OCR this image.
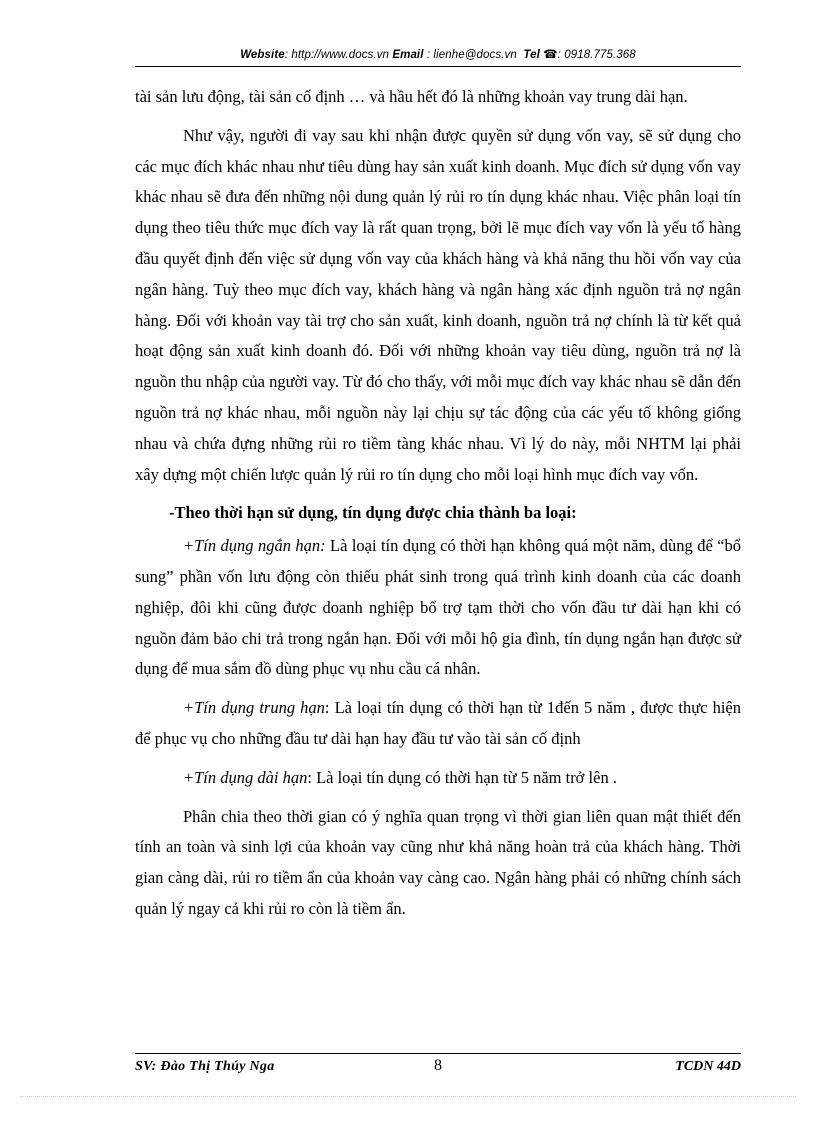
Website: http://www.docs.vn Email : lienhe@docs.vn Tel ☎: 0918.775.368

tài sản lưu động, tài sản cố định … và hầu hết đó là những khoản vay trung dài hạn.

Như vậy, người đi vay sau khi nhận được quyền sử dụng vốn vay, sẽ sử dụng cho các mục đích khác nhau như tiêu dùng hay sản xuất kinh doanh. Mục đích sử dụng vốn vay khác nhau sẽ đưa đến những nội dung quản lý rủi ro tín dụng khác nhau. Việc phân loại tín dụng theo tiêu thức mục đích vay là rất quan trọng, bởi lẽ mục đích vay vốn là yếu tố hàng đầu quyết định đến việc sử dụng vốn vay của khách hàng và khả năng thu hồi vốn vay của ngân hàng. Tuỳ theo mục đích vay, khách hàng và ngân hàng xác định nguồn trả nợ ngân hàng. Đối với khoản vay tài trợ cho sản xuất, kinh doanh, nguồn trả nợ chính là từ kết quả hoạt động sản xuất kinh doanh đó. Đối với những khoản vay tiêu dùng, nguồn trả nợ là nguồn thu nhập của người vay. Từ đó cho thấy, với mỗi mục đích vay khác nhau sẽ dẫn đến nguồn trả nợ khác nhau, mỗi nguồn này lại chịu sự tác động của các yếu tố không giống nhau và chứa đựng những rủi ro tiềm tàng khác nhau. Vì lý do này, mỗi NHTM lại phải xây dựng một chiến lược quản lý rủi ro tín dụng cho mỗi loại hình mục đích vay vốn.

-Theo thời hạn sử dụng, tín dụng được chia thành ba loại:

+Tín dụng ngắn hạn: Là loại tín dụng có thời hạn không quá một năm, dùng để “bổ sung” phần vốn lưu động còn thiếu phát sinh trong quá trình kinh doanh của các doanh nghiệp, đôi khi cũng được doanh nghiệp bổ trợ tạm thời cho vốn đầu tư dài hạn khi có nguồn đảm bảo chi trả trong ngắn hạn. Đối với mỗi hộ gia đình, tín dụng ngắn hạn được sử dụng để mua sắm đồ dùng phục vụ nhu cầu cá nhân.

+Tín dụng trung hạn: Là loại tín dụng có thời hạn từ 1đến 5 năm , được thực hiện để phục vụ cho những đầu tư dài hạn hay đầu tư vào tài sản cố định

+Tín dụng dài hạn: Là loại tín dụng có thời hạn từ 5 năm trở lên .

Phân chia theo thời gian có ý nghĩa quan trọng vì thời gian liên quan mật thiết đến tính an toàn và sinh lợi của khoản vay cũng như khả năng hoàn trả của khách hàng. Thời gian càng dài, rủi ro tiềm ẩn của khoản vay càng cao. Ngân hàng phải có những chính sách quản lý ngay cả khi rủi ro còn là tiềm ẩn.

SV: Đào Thị Thúy Nga	8	TCDN 44D
